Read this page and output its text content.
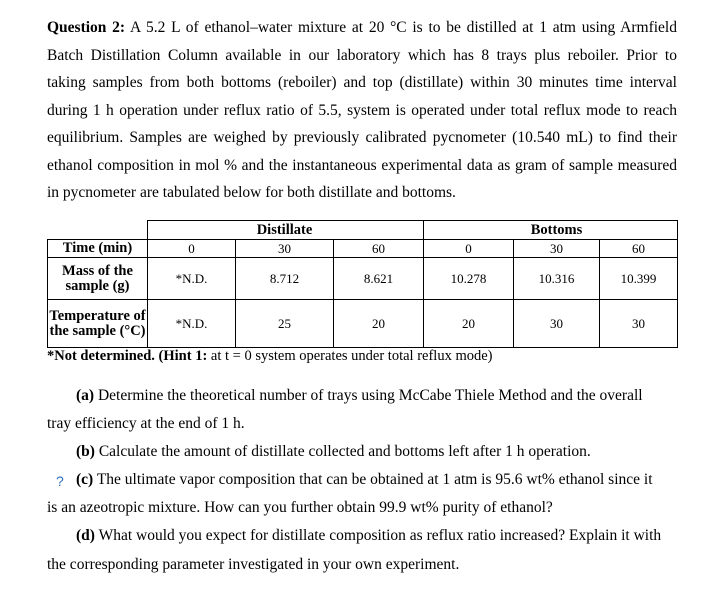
Question 2: A 5.2 L of ethanol–water mixture at 20 °C is to be distilled at 1 atm using Armfield
Batch Distillation Column available in our laboratory which has 8 trays plus reboiler. Prior to
taking samples from both bottoms (reboiler) and top (distillate) within 30 minutes time interval
during 1 h operation under reflux ratio of 5.5, system is operated under total reflux mode to reach
equilibrium. Samples are weighed by previously calibrated pycnometer (10.540 mL) to find their
ethanol composition in mol % and the instantaneous experimental data as gram of sample measured
in pycnometer are tabulated below for both distillate and bottoms.
		Distillate			Bottoms	
Time (min)	0	30	60	0	30	60
Mass of the sample (g)	*N.D.	8.712	8.621	10.278	10.316	10.399
Temperature of the sample (°C)	*N.D.	25	20	20	30	30
*Not determined. (Hint 1: at t = 0 system operates under total reflux mode)
(a) Determine the theoretical number of trays using McCabe Thiele Method and the overall
tray efficiency at the end of 1 h.
(b) Calculate the amount of distillate collected and bottoms left after 1 h operation.
? (c) The ultimate vapor composition that can be obtained at 1 atm is 95.6 wt% ethanol since it
is an azeotropic mixture. How can you further obtain 99.9 wt% purity of ethanol?
(d) What would you expect for distillate composition as reflux ratio increased? Explain it with
the corresponding parameter investigated in your own experiment.
